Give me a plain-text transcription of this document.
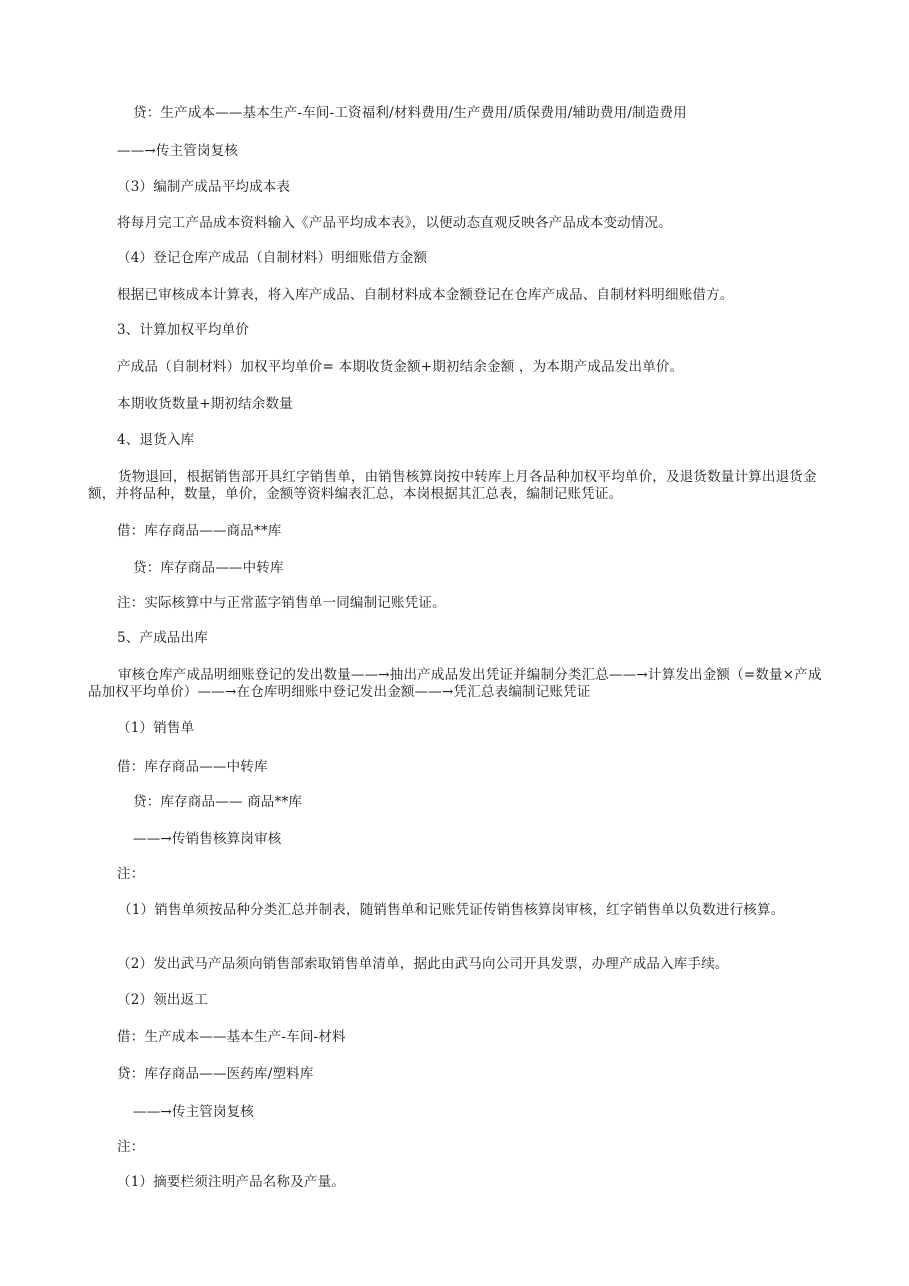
贷：生产成本——基本生产-车间-工资福利/材料费用/生产费用/质保费用/辅助费用/制造费用
——→传主管岗复核
（3）编制产成品平均成本表
将每月完工产品成本资料输入《产品平均成本表》，以便动态直观反映各产品成本变动情况。
（4）登记仓库产成品（自制材料）明细账借方金额
根据已审核成本计算表，将入库产成品、自制材料成本金额登记在仓库产成品、自制材料明细账借方。
3、计算加权平均单价
产成品（自制材料）加权平均单价= 本期收货金额+期初结余金额 ，为本期产成品发出单价。
本期收货数量+期初结余数量
4、退货入库
货物退回，根据销售部开具红字销售单，由销售核算岗按中转库上月各品种加权平均单价，及退货数量计算出退货金额，并将品种，数量，单价，金额等资料编表汇总，本岗根据其汇总表，编制记账凭证。
借：库存商品——商品**库
贷：库存商品——中转库
注：实际核算中与正常蓝字销售单一同编制记账凭证。
5、产成品出库
审核仓库产成品明细账登记的发出数量——→抽出产成品发出凭证并编制分类汇总——→计算发出金额（=数量×产成品加权平均单价）——→在仓库明细账中登记发出金额——→凭汇总表编制记账凭证
（1）销售单
借：库存商品——中转库
贷：库存商品—— 商品**库
——→传销售核算岗审核
注：
（1）销售单须按品种分类汇总并制表，随销售单和记账凭证传销售核算岗审核，红字销售单以负数进行核算。
（2）发出武马产品须向销售部索取销售单清单，据此由武马向公司开具发票，办理产成品入库手续。
（2）领出返工
借：生产成本——基本生产-车间-材料
贷：库存商品——医药库/塑料库
——→传主管岗复核
注：
（1）摘要栏须注明产品名称及产量。
